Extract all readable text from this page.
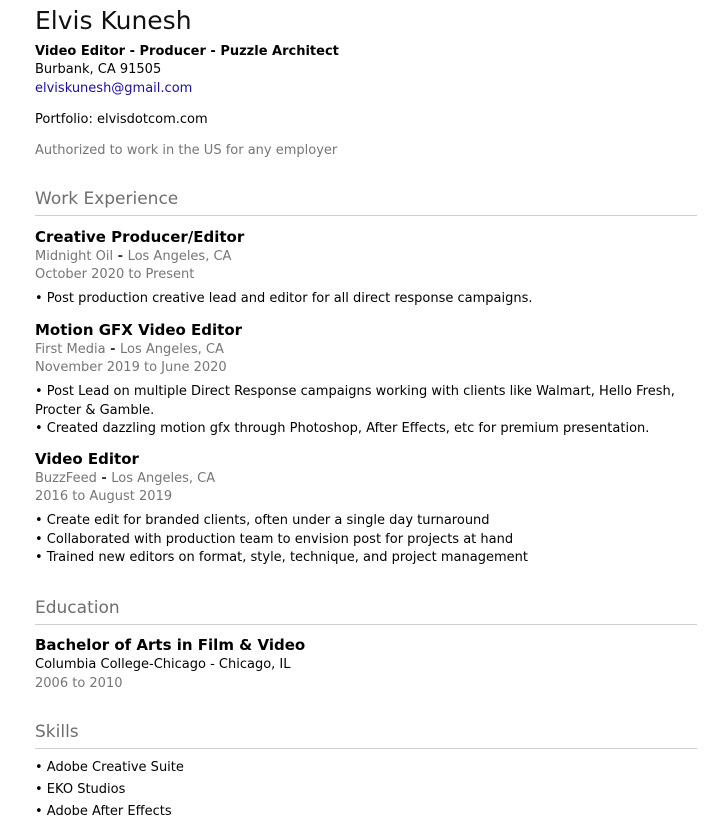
Elvis Kunesh
Video Editor - Producer - Puzzle Architect
Burbank, CA 91505
elviskunesh@gmail.com
Portfolio: elvisdotcom.com
Authorized to work in the US for any employer
Work Experience
Creative Producer/Editor
Midnight Oil - Los Angeles, CA
October 2020 to Present
• Post production creative lead and editor for all direct response campaigns.
Motion GFX Video Editor
First Media - Los Angeles, CA
November 2019 to June 2020
• Post Lead on multiple Direct Response campaigns working with clients like Walmart, Hello Fresh, Procter & Gamble.
• Created dazzling motion gfx through Photoshop, After Effects, etc for premium presentation.
Video Editor
BuzzFeed - Los Angeles, CA
2016 to August 2019
• Create edit for branded clients, often under a single day turnaround
• Collaborated with production team to envision post for projects at hand
• Trained new editors on format, style, technique, and project management
Education
Bachelor of Arts in Film & Video
Columbia College-Chicago - Chicago, IL
2006 to 2010
Skills
• Adobe Creative Suite
• EKO Studios
• Adobe After Effects
